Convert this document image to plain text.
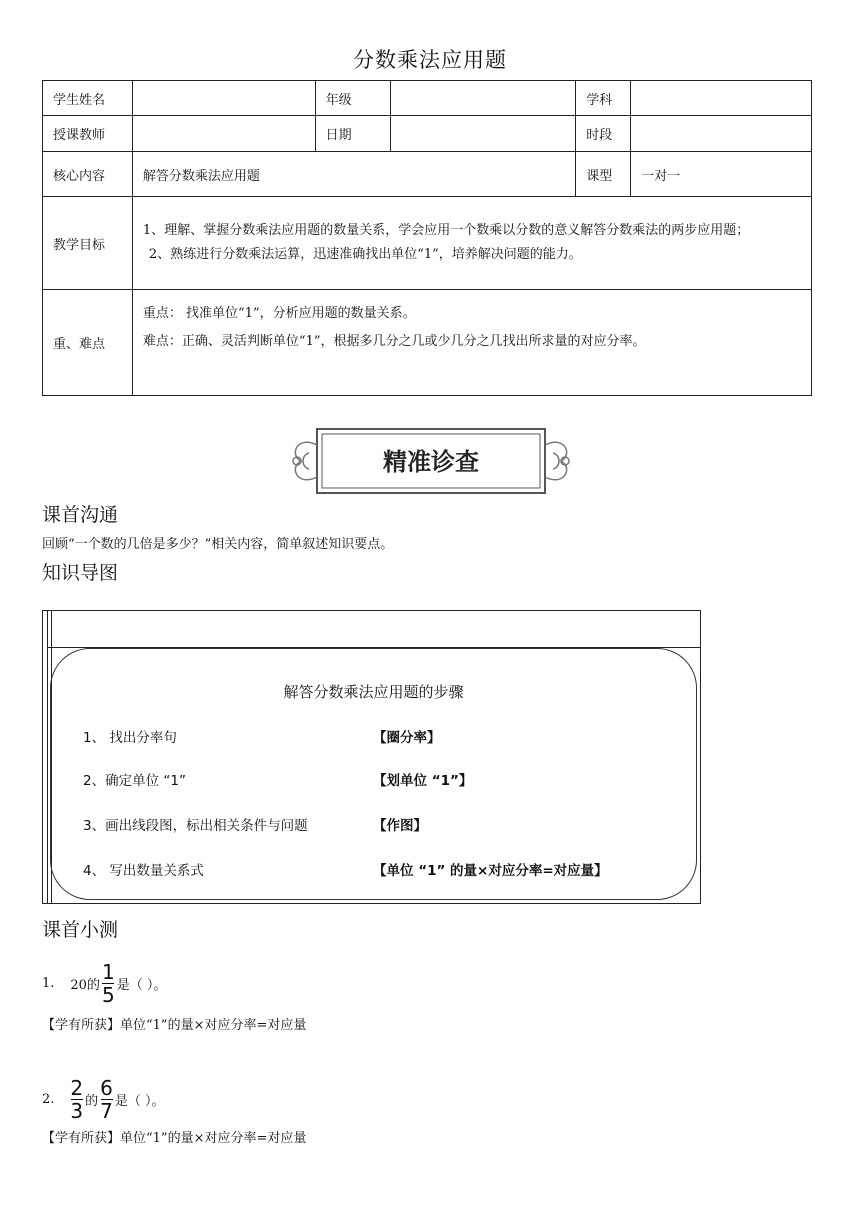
分数乘法应用题
学生姓名		年级		学科	
授课教师		日期		时段	
核心内容	解答分数乘法应用题			课型	一对一
教学目标	1、理解、掌握分数乘法应用题的数量关系，学会应用一个数乘以分数的意义解答分数乘法的两步应用题；
2、熟练进行分数乘法运算，迅速准确找出单位“1”，培养解决问题的能力。				

重、难点	重点： 找准单位“1”，分析应用题的数量关系。
难点：正确、灵活判断单位“1”，根据多几分之几或少几分之几找出所求量的对应分率。				
精准诊查
课首沟通
回顾“一个数的几倍是多少？”相关内容，简单叙述知识要点。
知识导图
解答分数乘法应用题的步骤
1、 找出分率句	【圈分率】
2、确定单位 “1”	【划单位 “1”】
3、画出线段图，标出相关条件与问题	【作图】
4、 写出数量关系式	【单位 “1” 的量×对应分率=对应量】
课首小测
1. 20的 $\frac{1}{5}$ 是（ ）。
【学有所获】单位“1”的量×对应分率=对应量
2. $\frac{2}{3}$ 的 $\frac{6}{7}$ 是（ ）。
【学有所获】单位“1”的量×对应分率=对应量
